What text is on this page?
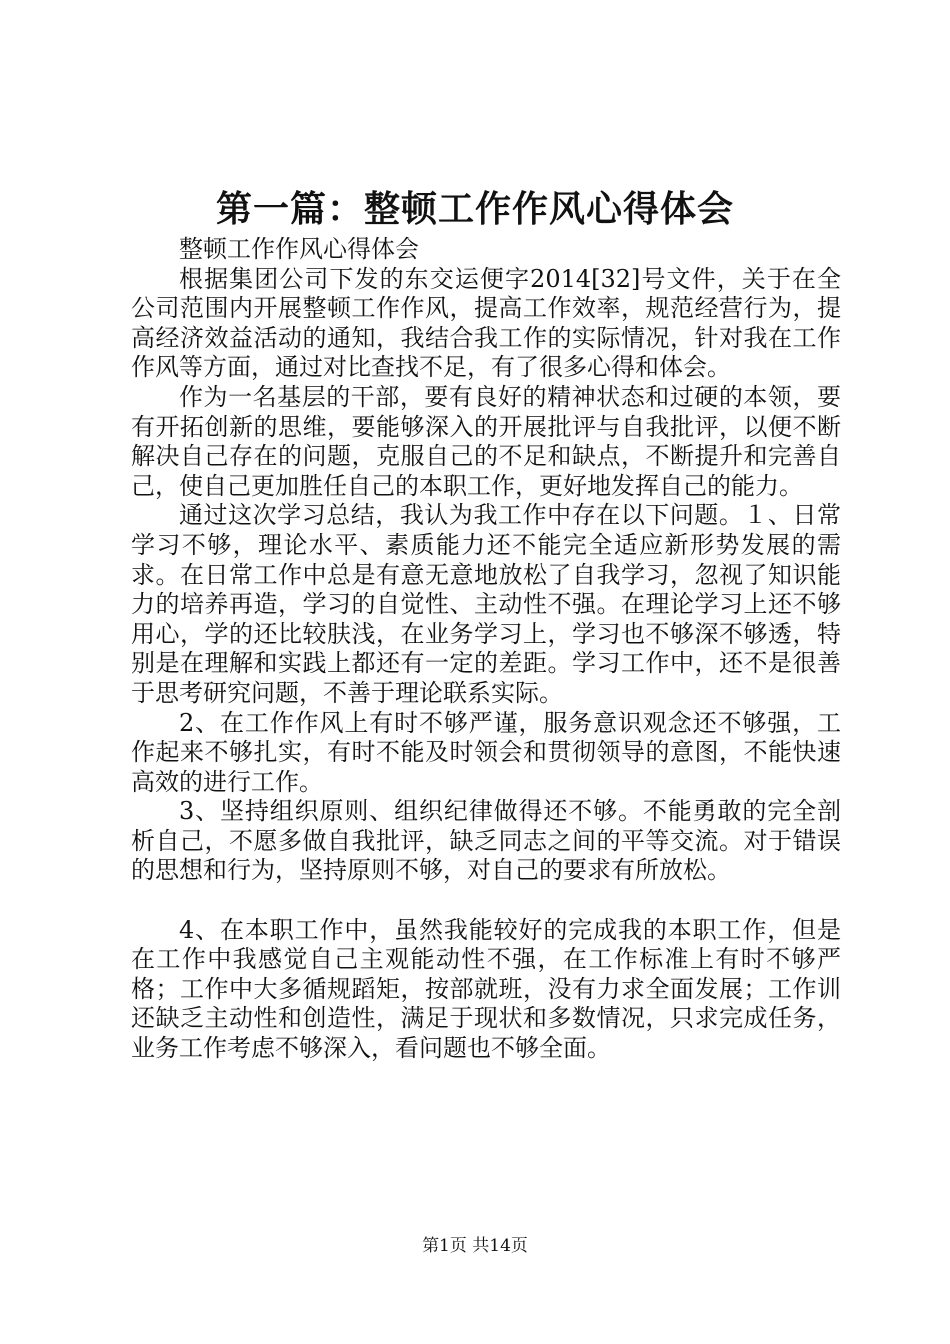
第一篇：整顿工作作风心得体会

整顿工作作风心得体会

根据集团公司下发的东交运便字2014[32]号文件，关于在全公司范围内开展整顿工作作风，提高工作效率，规范经营行为，提高经济效益活动的通知，我结合我工作的实际情况，针对我在工作作风等方面，通过对比查找不足，有了很多心得和体会。

作为一名基层的干部，要有良好的精神状态和过硬的本领，要有开拓创新的思维，要能够深入的开展批评与自我批评，以便不断解决自己存在的问题，克服自己的不足和缺点，不断提升和完善自己，使自己更加胜任自己的本职工作，更好地发挥自己的能力。

通过这次学习总结，我认为我工作中存在以下问题。１、日常学习不够，理论水平、素质能力还不能完全适应新形势发展的需求。在日常工作中总是有意无意地放松了自我学习，忽视了知识能力的培养再造，学习的自觉性、主动性不强。在理论学习上还不够用心，学的还比较肤浅，在业务学习上，学习也不够深不够透，特别是在理解和实践上都还有一定的差距。学习工作中，还不是很善于思考研究问题，不善于理论联系实际。

2、在工作作风上有时不够严谨，服务意识观念还不够强，工作起来不够扎实，有时不能及时领会和贯彻领导的意图，不能快速高效的进行工作。

3、坚持组织原则、组织纪律做得还不够。不能勇敢的完全剖析自己，不愿多做自我批评，缺乏同志之间的平等交流。对于错误的思想和行为，坚持原则不够，对自己的要求有所放松。

4、在本职工作中，虽然我能较好的完成我的本职工作，但是在工作中我感觉自己主观能动性不强，在工作标准上有时不够严格；工作中大多循规蹈矩，按部就班，没有力求全面发展；工作训还缺乏主动性和创造性，满足于现状和多数情况，只求完成任务，业务工作考虑不够深入，看问题也不够全面。

第1页 共14页
